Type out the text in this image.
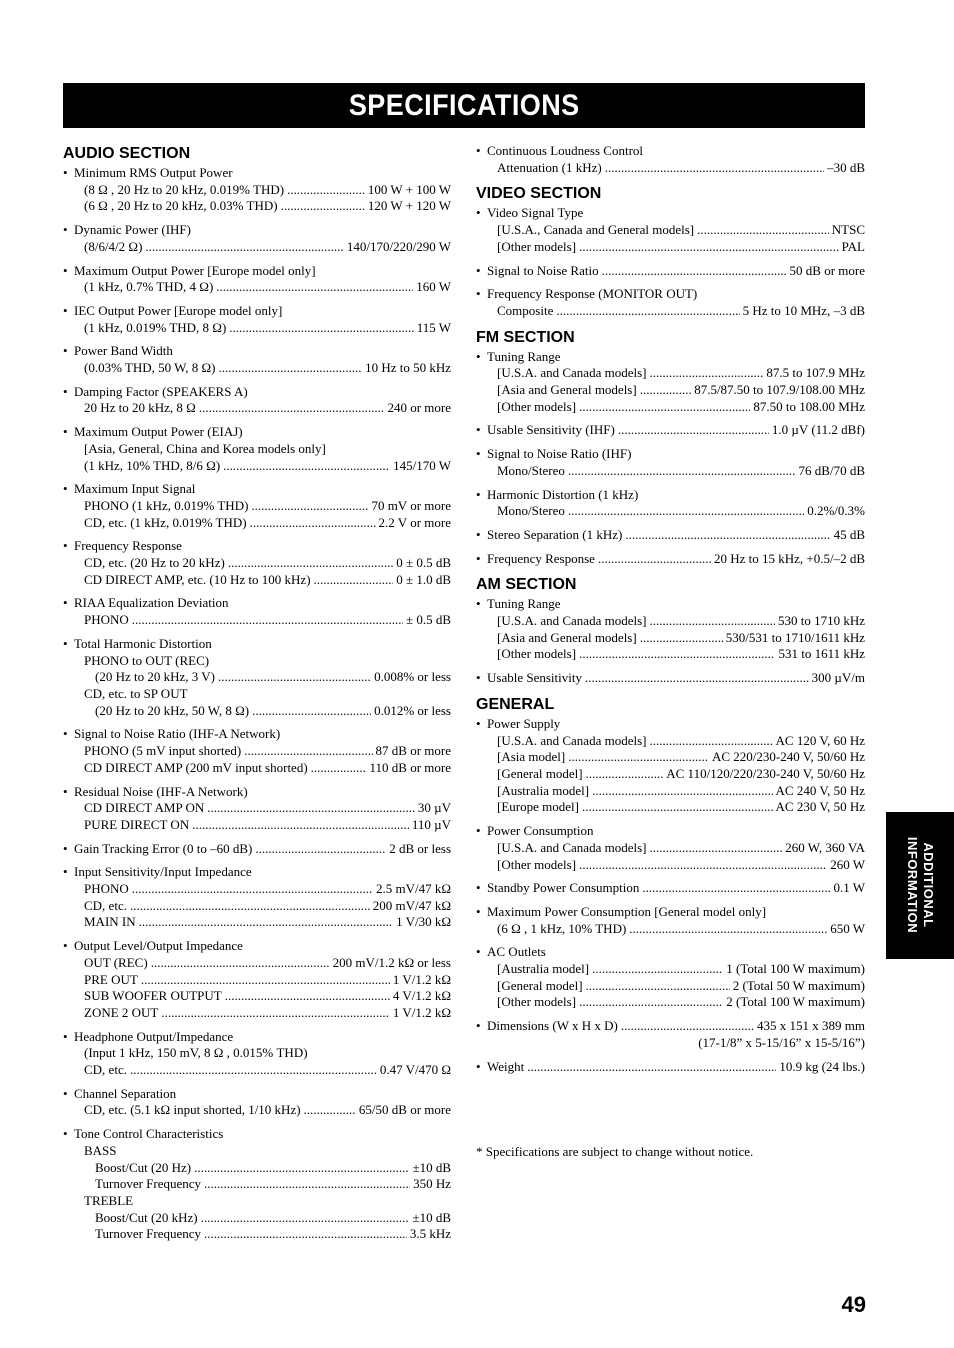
SPECIFICATIONS
AUDIO SECTION
• Minimum RMS Output Power
(8 Ω , 20 Hz to 20 kHz, 0.019% THD) .....	100 W + 100 W
(6 Ω , 20 Hz to 20 kHz, 0.03% THD) .....	120 W + 120 W
• Dynamic Power (IHF)
(8/6/4/2 Ω) .....	140/170/220/290 W
• Maximum Output Power [Europe model only]
(1 kHz, 0.7% THD, 4 Ω) .....	160 W
• IEC Output Power [Europe model only]
(1 kHz, 0.019% THD, 8 Ω) .....	115 W
• Power Band Width
(0.03% THD, 50 W, 8 Ω) .....	10 Hz to 50 kHz
• Damping Factor (SPEAKERS A)
20 Hz to 20 kHz, 8 Ω .....	240 or more
• Maximum Output Power (EIAJ)
[Asia, General, China and Korea models only]
(1 kHz, 10% THD, 8/6 Ω) .....	145/170 W
• Maximum Input Signal
PHONO (1 kHz, 0.019% THD) .....	70 mV or more
CD, etc. (1 kHz, 0.019% THD) .....	2.2 V or more
• Frequency Response
CD, etc. (20 Hz to 20 kHz) .....	0 ± 0.5 dB
CD DIRECT AMP, etc. (10 Hz to 100 kHz) .....	0 ± 1.0 dB
• RIAA Equalization Deviation
PHONO .....	± 0.5 dB
• Total Harmonic Distortion
PHONO to OUT (REC)
(20 Hz to 20 kHz, 3 V) .....	0.008% or less
CD, etc. to SP OUT
(20 Hz to 20 kHz, 50 W, 8 Ω) .....	0.012% or less
• Signal to Noise Ratio (IHF-A Network)
PHONO (5 mV input shorted) .....	87 dB or more
CD DIRECT AMP (200 mV input shorted) .....	110 dB or more
• Residual Noise (IHF-A Network)
CD DIRECT AMP ON .....	30 µV
PURE DIRECT ON .....	110 µV
• Gain Tracking Error (0 to –60 dB) .....	2 dB or less
• Input Sensitivity/Input Impedance
PHONO .....	2.5 mV/47 kΩ
CD, etc. .....	200 mV/47 kΩ
MAIN IN .....	1 V/30 kΩ
• Output Level/Output Impedance
OUT (REC) .....	200 mV/1.2 kΩ or less
PRE OUT .....	1 V/1.2 kΩ
SUB WOOFER OUTPUT .....	4 V/1.2 kΩ
ZONE 2 OUT .....	1 V/1.2 kΩ
• Headphone Output/Impedance
(Input 1 kHz, 150 mV, 8 Ω , 0.015% THD)
CD, etc. .....	0.47 V/470 Ω
• Channel Separation
CD, etc. (5.1 kΩ input shorted, 1/10 kHz) .....	65/50 dB or more
• Tone Control Characteristics
BASS
Boost/Cut (20 Hz) .....	±10 dB
Turnover Frequency .....	350 Hz
TREBLE
Boost/Cut (20 kHz) .....	±10 dB
Turnover Frequency .....	3.5 kHz
• Continuous Loudness Control
Attenuation (1 kHz) .....	–30 dB
VIDEO SECTION
• Video Signal Type
[U.S.A., Canada and General models] .....	NTSC
[Other models] .....	PAL
• Signal to Noise Ratio .....	50 dB or more
• Frequency Response (MONITOR OUT)
Composite .....	5 Hz to 10 MHz, –3 dB
FM SECTION
• Tuning Range
[U.S.A. and Canada models] .....	87.5 to 107.9 MHz
[Asia and General models] .....	87.5/87.50 to 107.9/108.00 MHz
[Other models] .....	87.50 to 108.00 MHz
• Usable Sensitivity (IHF) .....	1.0 µV (11.2 dBf)
• Signal to Noise Ratio (IHF)
Mono/Stereo .....	76 dB/70 dB
• Harmonic Distortion (1 kHz)
Mono/Stereo .....	0.2%/0.3%
• Stereo Separation (1 kHz) .....	45 dB
• Frequency Response .....	20 Hz to 15 kHz, +0.5/–2 dB
AM SECTION
• Tuning Range
[U.S.A. and Canada models] .....	530 to 1710 kHz
[Asia and General models] .....	530/531 to 1710/1611 kHz
[Other models] .....	531 to 1611 kHz
• Usable Sensitivity .....	300 µV/m
GENERAL
• Power Supply
[U.S.A. and Canada models] .....	AC 120 V, 60 Hz
[Asia model] .....	AC 220/230-240 V, 50/60 Hz
[General model] .....	AC 110/120/220/230-240 V, 50/60 Hz
[Australia model] .....	AC 240 V, 50 Hz
[Europe model] .....	AC 230 V, 50 Hz
• Power Consumption
[U.S.A. and Canada models] .....	260 W, 360 VA
[Other models] .....	260 W
• Standby Power Consumption .....	0.1 W
• Maximum Power Consumption [General model only]
(6 Ω , 1 kHz, 10% THD) .....	650 W
• AC Outlets
[Australia model] .....	1 (Total 100 W maximum)
[General model] .....	2 (Total 50 W maximum)
[Other models] .....	2 (Total 100 W maximum)
• Dimensions (W x H x D) .....	435 x 151 x 389 mm
(17-1/8” x 5-15/16” x 15-5/16”)
• Weight .....	10.9 kg (24 lbs.)
* Specifications are subject to change without notice.
ADDITIONAL
INFORMATION
49
